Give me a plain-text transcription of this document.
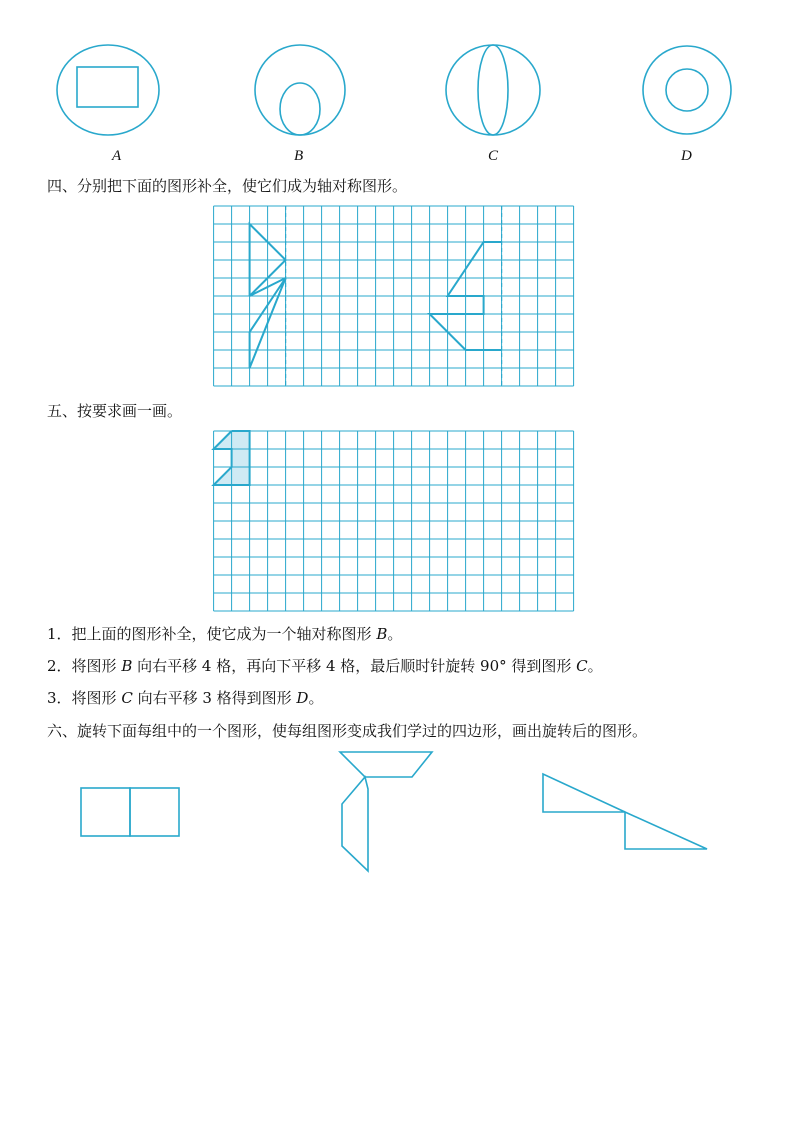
A	B	C	D
四、分别把下面的图形补全，使它们成为轴对称图形。
五、按要求画一画。
1．把上面的图形补全，使它成为一个轴对称图形 B。
2．将图形 B 向右平移 4 格，再向下平移 4 格，最后顺时针旋转 90° 得到图形 C。
3．将图形 C 向右平移 3 格得到图形 D。
六、旋转下面每组中的一个图形，使每组图形变成我们学过的四边形，画出旋转后的图形。
